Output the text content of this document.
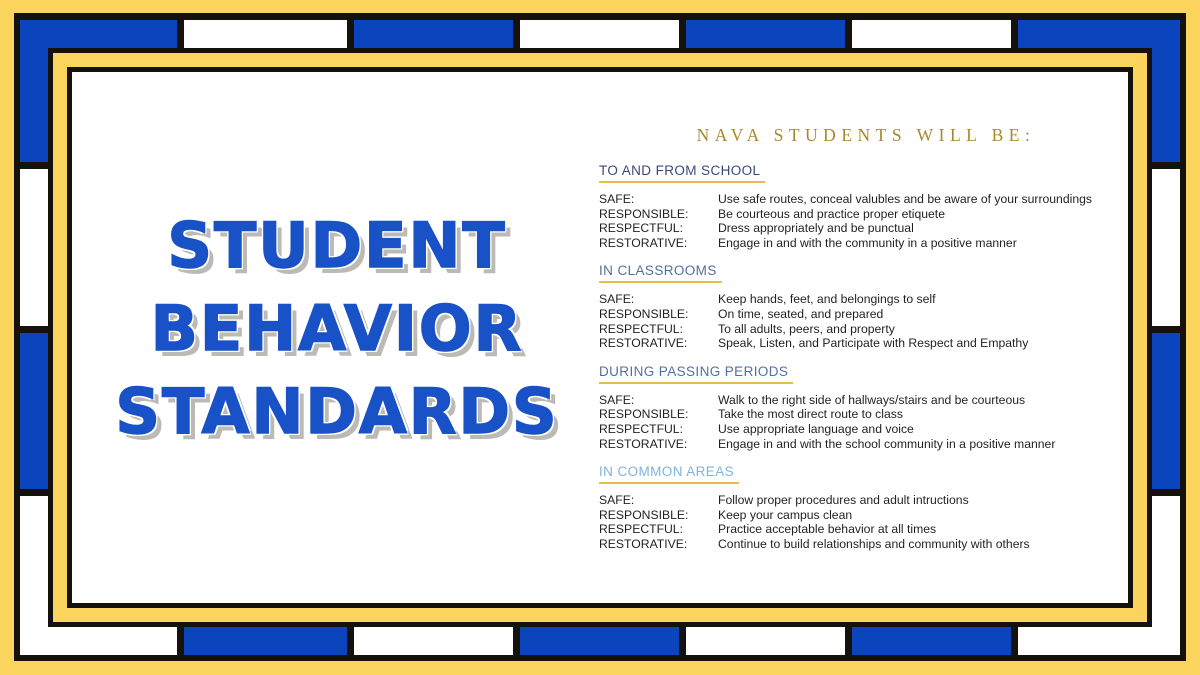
STUDENT
BEHAVIOR
STANDARDS
NAVA STUDENTS WILL BE:
TO AND FROM SCHOOL
SAFE:	Use safe routes, conceal valubles and be aware of your surroundings
RESPONSIBLE:	Be courteous and practice proper etiquete
RESPECTFUL:	Dress appropriately and be punctual
RESTORATIVE:	Engage in and with the community in a positive manner
IN CLASSROOMS
SAFE:	Keep hands, feet, and belongings to self
RESPONSIBLE:	On time, seated, and prepared
RESPECTFUL:	To all adults, peers, and property
RESTORATIVE:	Speak, Listen, and Participate with Respect and Empathy
DURING PASSING PERIODS
SAFE:	Walk to the right side of hallways/stairs and be courteous
RESPONSIBLE:	Take the most direct route to class
RESPECTFUL:	Use appropriate language and voice
RESTORATIVE:	Engage in and with the school community in a positive manner
IN COMMON AREAS
SAFE:	Follow proper procedures and adult intructions
RESPONSIBLE:	Keep your campus clean
RESPECTFUL:	Practice acceptable behavior at all times
RESTORATIVE:	Continue to build relationships and community with others
